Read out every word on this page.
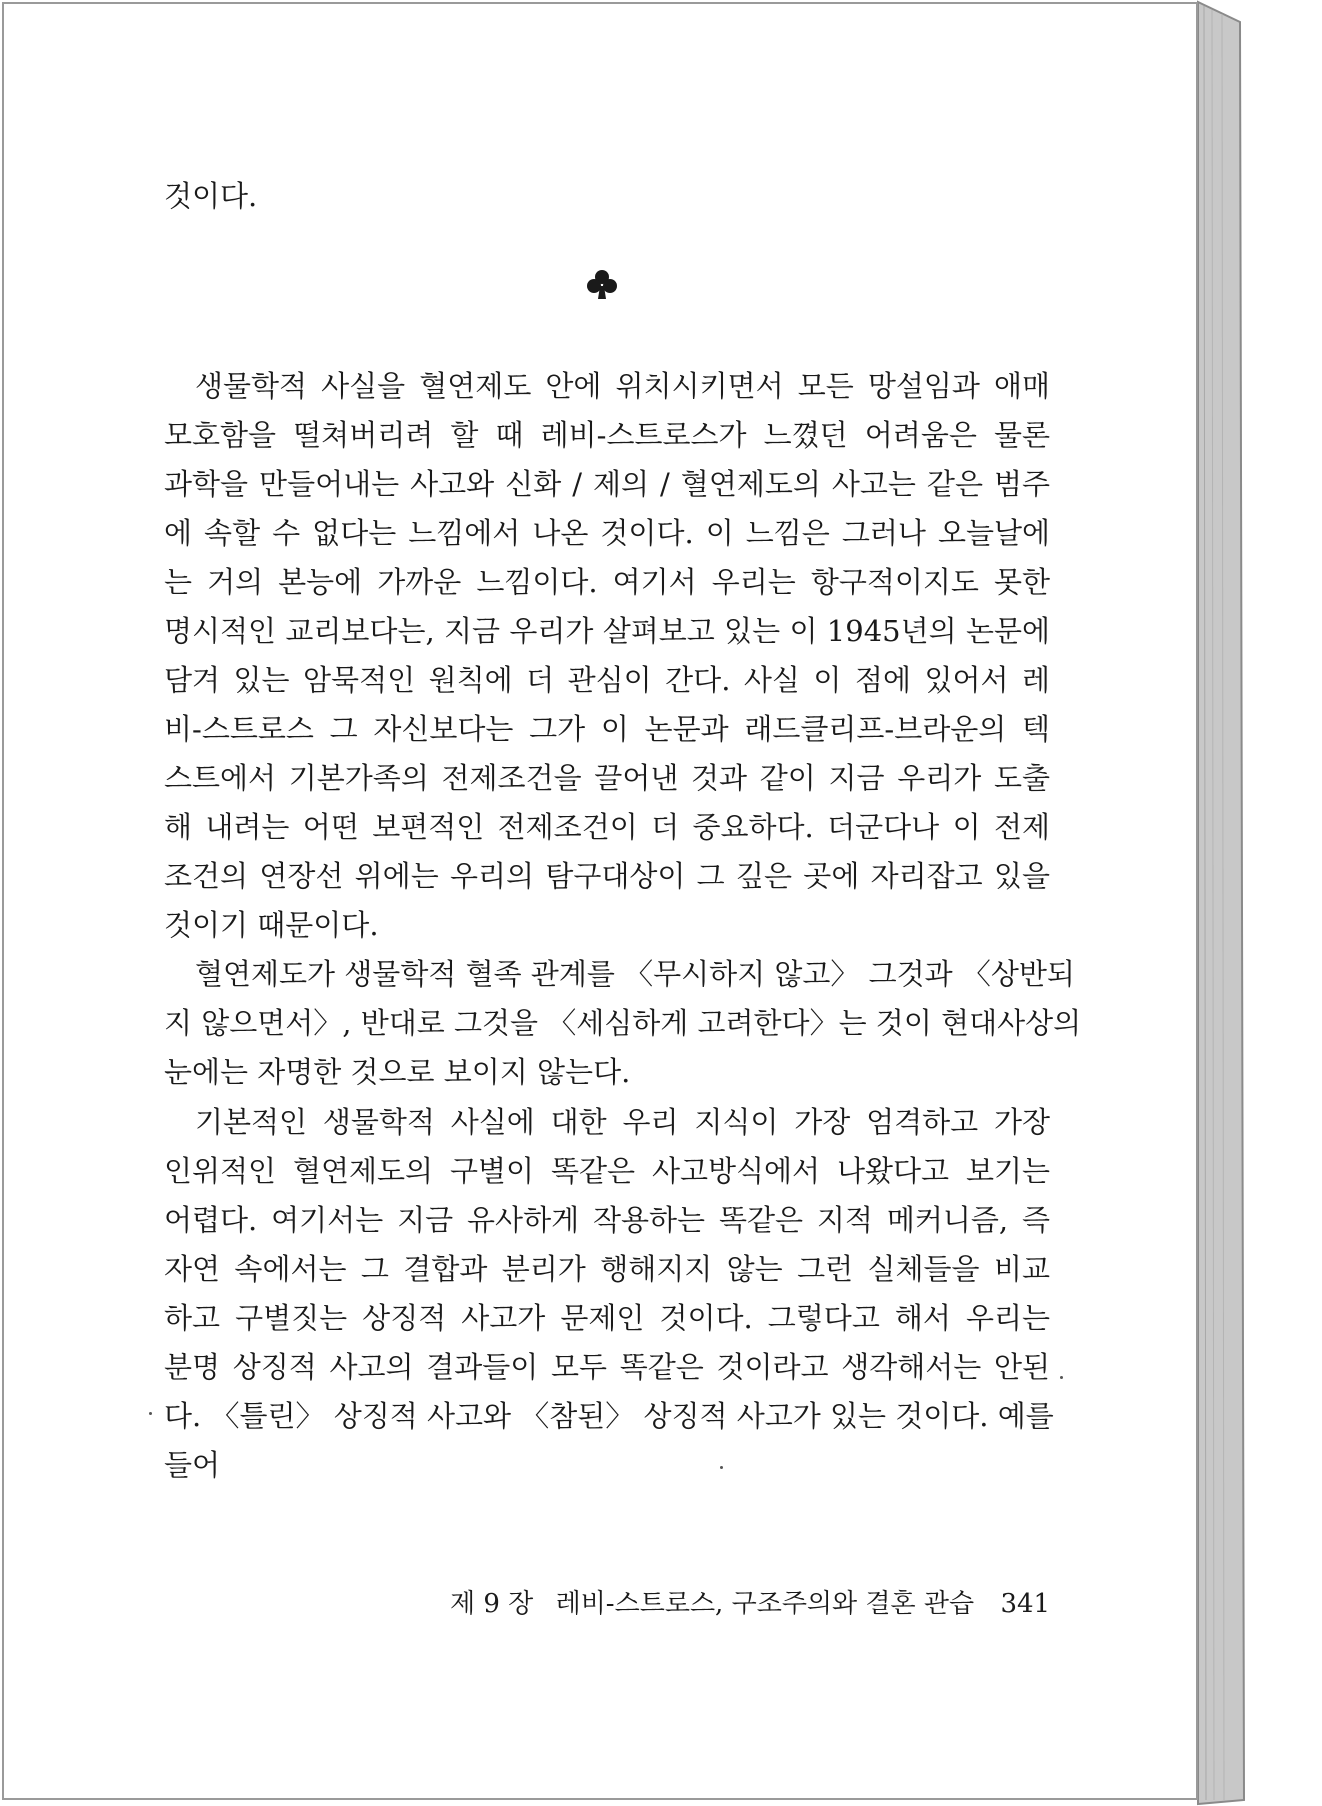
것이다.
생물학적 사실을 혈연제도 안에 위치시키면서 모든 망설임과 애매
모호함을 떨쳐버리려 할 때 레비-스트로스가 느꼈던 어려움은 물론
과학을 만들어내는 사고와 신화 / 제의 / 혈연제도의 사고는 같은 범주
에 속할 수 없다는 느낌에서 나온 것이다. 이 느낌은 그러나 오늘날에
는 거의 본능에 가까운 느낌이다. 여기서 우리는 항구적이지도 못한
명시적인 교리보다는, 지금 우리가 살펴보고 있는 이 1945년의 논문에
담겨 있는 암묵적인 원칙에 더 관심이 간다. 사실 이 점에 있어서 레
비-스트로스 그 자신보다는 그가 이 논문과 래드클리프-브라운의 텍
스트에서 기본가족의 전제조건을 끌어낸 것과 같이 지금 우리가 도출
해 내려는 어떤 보편적인 전제조건이 더 중요하다. 더군다나 이 전제
조건의 연장선 위에는 우리의 탐구대상이 그 깊은 곳에 자리잡고 있을
것이기 때문이다.
혈연제도가 생물학적 혈족 관계를 〈무시하지 않고〉 그것과 〈상반되
지 않으면서〉, 반대로 그것을 〈세심하게 고려한다〉는 것이 현대사상의
눈에는 자명한 것으로 보이지 않는다.
기본적인 생물학적 사실에 대한 우리 지식이 가장 엄격하고 가장
인위적인 혈연제도의 구별이 똑같은 사고방식에서 나왔다고 보기는
어렵다. 여기서는 지금 유사하게 작용하는 똑같은 지적 메커니즘, 즉
자연 속에서는 그 결합과 분리가 행해지지 않는 그런 실체들을 비교
하고 구별짓는 상징적 사고가 문제인 것이다. 그렇다고 해서 우리는
분명 상징적 사고의 결과들이 모두 똑같은 것이라고 생각해서는 안된
다. 〈틀린〉 상징적 사고와 〈참된〉 상징적 사고가 있는 것이다. 예를
들어
제 9 장 레비-스트로스, 구조주의와 결혼 관습 341
